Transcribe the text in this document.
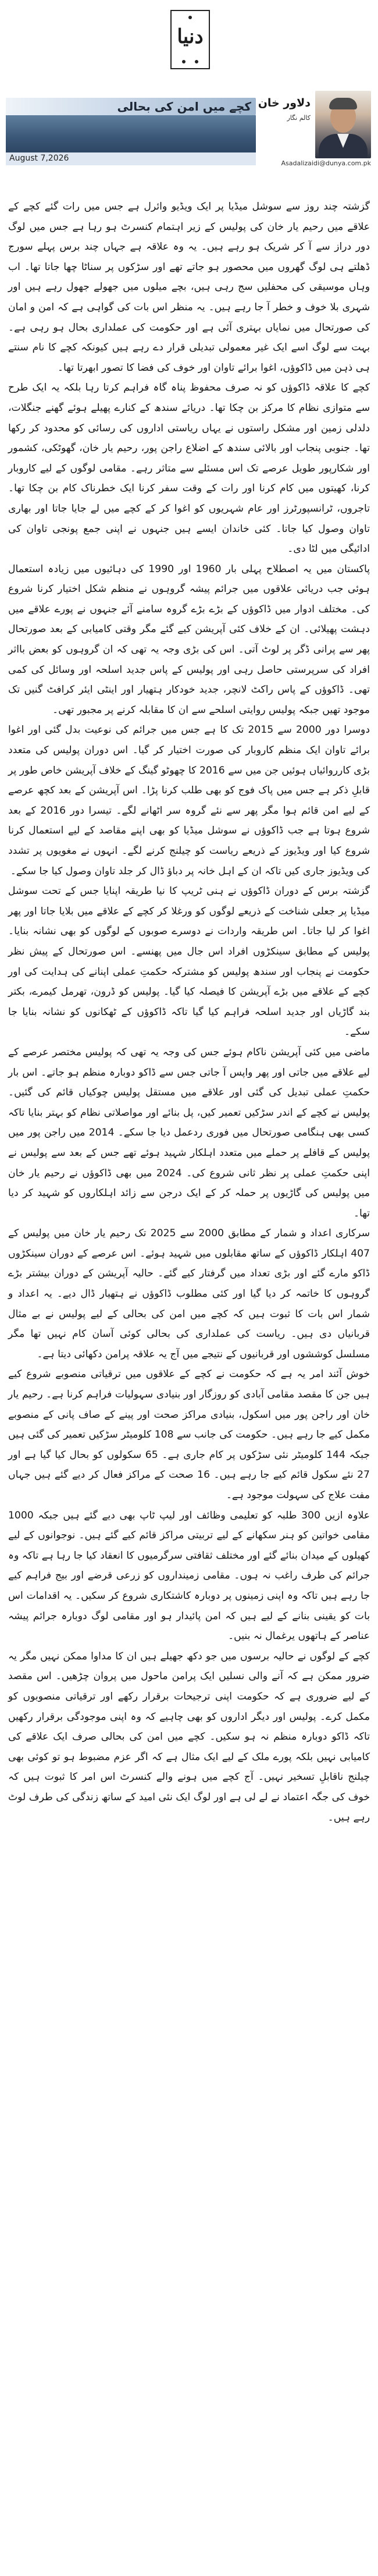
دنیا
کچے میں امن کی بحالی
August 7,2026
دلاور خان
کالم نگار
Asadalizaidi@dunya.com.pk

گزشتہ چند روز سے سوشل میڈیا پر ایک ویڈیو وائرل ہے جس میں رات گئے کچے کے علاقے میں رحیم یار خان کی پولیس کے زیر اہتمام کنسرٹ ہو رہا ہے جس میں لوگ دور دراز سے آ کر شریک ہو رہے ہیں۔ یہ وہ علاقہ ہے جہاں چند برس پہلے سورج ڈھلتے ہی لوگ گھروں میں محصور ہو جاتے تھے اور سڑکوں پر سناٹا چھا جاتا تھا۔ اب وہاں موسیقی کی محفلیں سج رہی ہیں، بچے میلوں میں جھولے جھول رہے ہیں اور شہری بلا خوف و خطر آ جا رہے ہیں۔ یہ منظر اس بات کی گواہی ہے کہ امن و امان کی صورتحال میں نمایاں بہتری آئی ہے اور حکومت کی عملداری بحال ہو رہی ہے۔ بہت سے لوگ اسے ایک غیر معمولی تبدیلی قرار دے رہے ہیں کیونکہ کچے کا نام سنتے ہی ذہن میں ڈاکوؤں، اغوا برائے تاوان اور خوف کی فضا کا تصور ابھرتا تھا۔

کچے کا علاقہ ڈاکوؤں کو نہ صرف محفوظ پناہ گاہ فراہم کرتا رہا بلکہ یہ ایک طرح سے متوازی نظام کا مرکز بن چکا تھا۔ دریائے سندھ کے کنارے پھیلے ہوئے گھنے جنگلات، دلدلی زمین اور مشکل راستوں نے یہاں ریاستی اداروں کی رسائی کو محدود کر رکھا تھا۔ جنوبی پنجاب اور بالائی سندھ کے اضلاع راجن پور، رحیم یار خان، گھوٹکی، کشمور اور شکارپور طویل عرصے تک اس مسئلے سے متاثر رہے۔ مقامی لوگوں کے لیے کاروبار کرنا، کھیتوں میں کام کرنا اور رات کے وقت سفر کرنا ایک خطرناک کام بن چکا تھا۔ تاجروں، ٹرانسپورٹرز اور عام شہریوں کو اغوا کر کے کچے میں لے جایا جاتا اور بھاری تاوان وصول کیا جاتا۔ کئی خاندان ایسے ہیں جنہوں نے اپنی جمع پونجی تاوان کی ادائیگی میں لٹا دی۔

پاکستان میں یہ اصطلاح پہلی بار 1960 اور 1990 کی دہائیوں میں زیادہ استعمال ہوئی جب دریائی علاقوں میں جرائم پیشہ گروہوں نے منظم شکل اختیار کرنا شروع کی۔ مختلف ادوار میں ڈاکوؤں کے بڑے بڑے گروہ سامنے آئے جنہوں نے پورے علاقے میں دہشت پھیلائی۔ ان کے خلاف کئی آپریشن کیے گئے مگر وقتی کامیابی کے بعد صورتحال پھر سے پرانی ڈگر پر لوٹ آتی۔ اس کی بڑی وجہ یہ تھی کہ ان گروہوں کو بعض بااثر افراد کی سرپرستی حاصل رہی اور پولیس کے پاس جدید اسلحہ اور وسائل کی کمی تھی۔ ڈاکوؤں کے پاس راکٹ لانچر، جدید خودکار ہتھیار اور اینٹی ایئر کرافٹ گنیں تک موجود تھیں جبکہ پولیس روایتی اسلحے سے ان کا مقابلہ کرنے پر مجبور تھی۔

دوسرا دور 2000 سے 2015 تک کا ہے جس میں جرائم کی نوعیت بدل گئی اور اغوا برائے تاوان ایک منظم کاروبار کی صورت اختیار کر گیا۔ اس دوران پولیس کی متعدد بڑی کارروائیاں ہوئیں جن میں سے 2016 کا چھوٹو گینگ کے خلاف آپریشن خاص طور پر قابلِ ذکر ہے جس میں پاک فوج کو بھی طلب کرنا پڑا۔ اس آپریشن کے بعد کچھ عرصے کے لیے امن قائم ہوا مگر پھر سے نئے گروہ سر اٹھانے لگے۔ تیسرا دور 2016 کے بعد شروع ہوتا ہے جب ڈاکوؤں نے سوشل میڈیا کو بھی اپنے مقاصد کے لیے استعمال کرنا شروع کیا اور ویڈیوز کے ذریعے ریاست کو چیلنج کرنے لگے۔ انہوں نے مغویوں پر تشدد کی ویڈیوز جاری کیں تاکہ ان کے اہل خانہ پر دباؤ ڈال کر جلد تاوان وصول کیا جا سکے۔

گزشتہ برس کے دوران ڈاکوؤں نے ہنی ٹریپ کا نیا طریقہ اپنایا جس کے تحت سوشل میڈیا پر جعلی شناخت کے ذریعے لوگوں کو ورغلا کر کچے کے علاقے میں بلایا جاتا اور پھر اغوا کر لیا جاتا۔ اس طریقہ واردات نے دوسرے صوبوں کے لوگوں کو بھی نشانہ بنایا۔ پولیس کے مطابق سینکڑوں افراد اس جال میں پھنسے۔ اس صورتحال کے پیش نظر حکومت نے پنجاب اور سندھ پولیس کو مشترکہ حکمتِ عملی اپنانے کی ہدایت کی اور کچے کے علاقے میں بڑے آپریشن کا فیصلہ کیا گیا۔ پولیس کو ڈرون، تھرمل کیمرے، بکتر بند گاڑیاں اور جدید اسلحہ فراہم کیا گیا تاکہ ڈاکوؤں کے ٹھکانوں کو نشانہ بنایا جا سکے۔

ماضی میں کئی آپریشن ناکام ہوئے جس کی وجہ یہ تھی کہ پولیس مختصر عرصے کے لیے علاقے میں جاتی اور پھر واپس آ جاتی جس سے ڈاکو دوبارہ منظم ہو جاتے۔ اس بار حکمتِ عملی تبدیل کی گئی اور علاقے میں مستقل پولیس چوکیاں قائم کی گئیں۔ پولیس نے کچے کے اندر سڑکیں تعمیر کیں، پل بنائے اور مواصلاتی نظام کو بہتر بنایا تاکہ کسی بھی ہنگامی صورتحال میں فوری ردعمل دیا جا سکے۔ 2014 میں راجن پور میں پولیس کے قافلے پر حملے میں متعدد اہلکار شہید ہوئے تھے جس کے بعد سے پولیس نے اپنی حکمتِ عملی پر نظر ثانی شروع کی۔ 2024 میں بھی ڈاکوؤں نے رحیم یار خان میں پولیس کی گاڑیوں پر حملہ کر کے ایک درجن سے زائد اہلکاروں کو شہید کر دیا تھا۔

سرکاری اعداد و شمار کے مطابق 2000 سے 2025 تک رحیم یار خان میں پولیس کے 407 اہلکار ڈاکوؤں کے ساتھ مقابلوں میں شہید ہوئے۔ اس عرصے کے دوران سینکڑوں ڈاکو مارے گئے اور بڑی تعداد میں گرفتار کیے گئے۔ حالیہ آپریشن کے دوران بیشتر بڑے گروہوں کا خاتمہ کر دیا گیا اور کئی مطلوب ڈاکوؤں نے ہتھیار ڈال دیے۔ یہ اعداد و شمار اس بات کا ثبوت ہیں کہ کچے میں امن کی بحالی کے لیے پولیس نے بے مثال قربانیاں دی ہیں۔ ریاست کی عملداری کی بحالی کوئی آسان کام نہیں تھا مگر مسلسل کوششوں اور قربانیوں کے نتیجے میں آج یہ علاقہ پرامن دکھائی دیتا ہے۔

خوش آئند امر یہ ہے کہ حکومت نے کچے کے علاقوں میں ترقیاتی منصوبے شروع کیے ہیں جن کا مقصد مقامی آبادی کو روزگار اور بنیادی سہولیات فراہم کرنا ہے۔ رحیم یار خان اور راجن پور میں اسکول، بنیادی مراکز صحت اور پینے کے صاف پانی کے منصوبے مکمل کیے جا رہے ہیں۔ حکومت کی جانب سے 108 کلومیٹر سڑکیں تعمیر کی گئی ہیں جبکہ 144 کلومیٹر نئی سڑکوں پر کام جاری ہے۔ 65 سکولوں کو بحال کیا گیا ہے اور 27 نئے سکول قائم کیے جا رہے ہیں۔ 16 صحت کے مراکز فعال کر دیے گئے ہیں جہاں مفت علاج کی سہولت موجود ہے۔

علاوہ ازیں 300 طلبہ کو تعلیمی وظائف اور لیپ ٹاپ بھی دیے گئے ہیں جبکہ 1000 مقامی خواتین کو ہنر سکھانے کے لیے تربیتی مراکز قائم کیے گئے ہیں۔ نوجوانوں کے لیے کھیلوں کے میدان بنائے گئے اور مختلف ثقافتی سرگرمیوں کا انعقاد کیا جا رہا ہے تاکہ وہ جرائم کی طرف راغب نہ ہوں۔ مقامی زمینداروں کو زرعی قرضے اور بیج فراہم کیے جا رہے ہیں تاکہ وہ اپنی زمینوں پر دوبارہ کاشتکاری شروع کر سکیں۔ یہ اقدامات اس بات کو یقینی بنانے کے لیے ہیں کہ امن پائیدار ہو اور مقامی لوگ دوبارہ جرائم پیشہ عناصر کے ہاتھوں یرغمال نہ بنیں۔

کچے کے لوگوں نے حالیہ برسوں میں جو دکھ جھیلے ہیں ان کا مداوا ممکن نہیں مگر یہ ضرور ممکن ہے کہ آنے والی نسلیں ایک پرامن ماحول میں پروان چڑھیں۔ اس مقصد کے لیے ضروری ہے کہ حکومت اپنی ترجیحات برقرار رکھے اور ترقیاتی منصوبوں کو مکمل کرے۔ پولیس اور دیگر اداروں کو بھی چاہیے کہ وہ اپنی موجودگی برقرار رکھیں تاکہ ڈاکو دوبارہ منظم نہ ہو سکیں۔ کچے میں امن کی بحالی صرف ایک علاقے کی کامیابی نہیں بلکہ پورے ملک کے لیے ایک مثال ہے کہ اگر عزم مضبوط ہو تو کوئی بھی چیلنج ناقابلِ تسخیر نہیں۔ آج کچے میں ہونے والے کنسرٹ اس امر کا ثبوت ہیں کہ خوف کی جگہ اعتماد نے لے لی ہے اور لوگ ایک نئی امید کے ساتھ زندگی کی طرف لوٹ رہے ہیں۔
